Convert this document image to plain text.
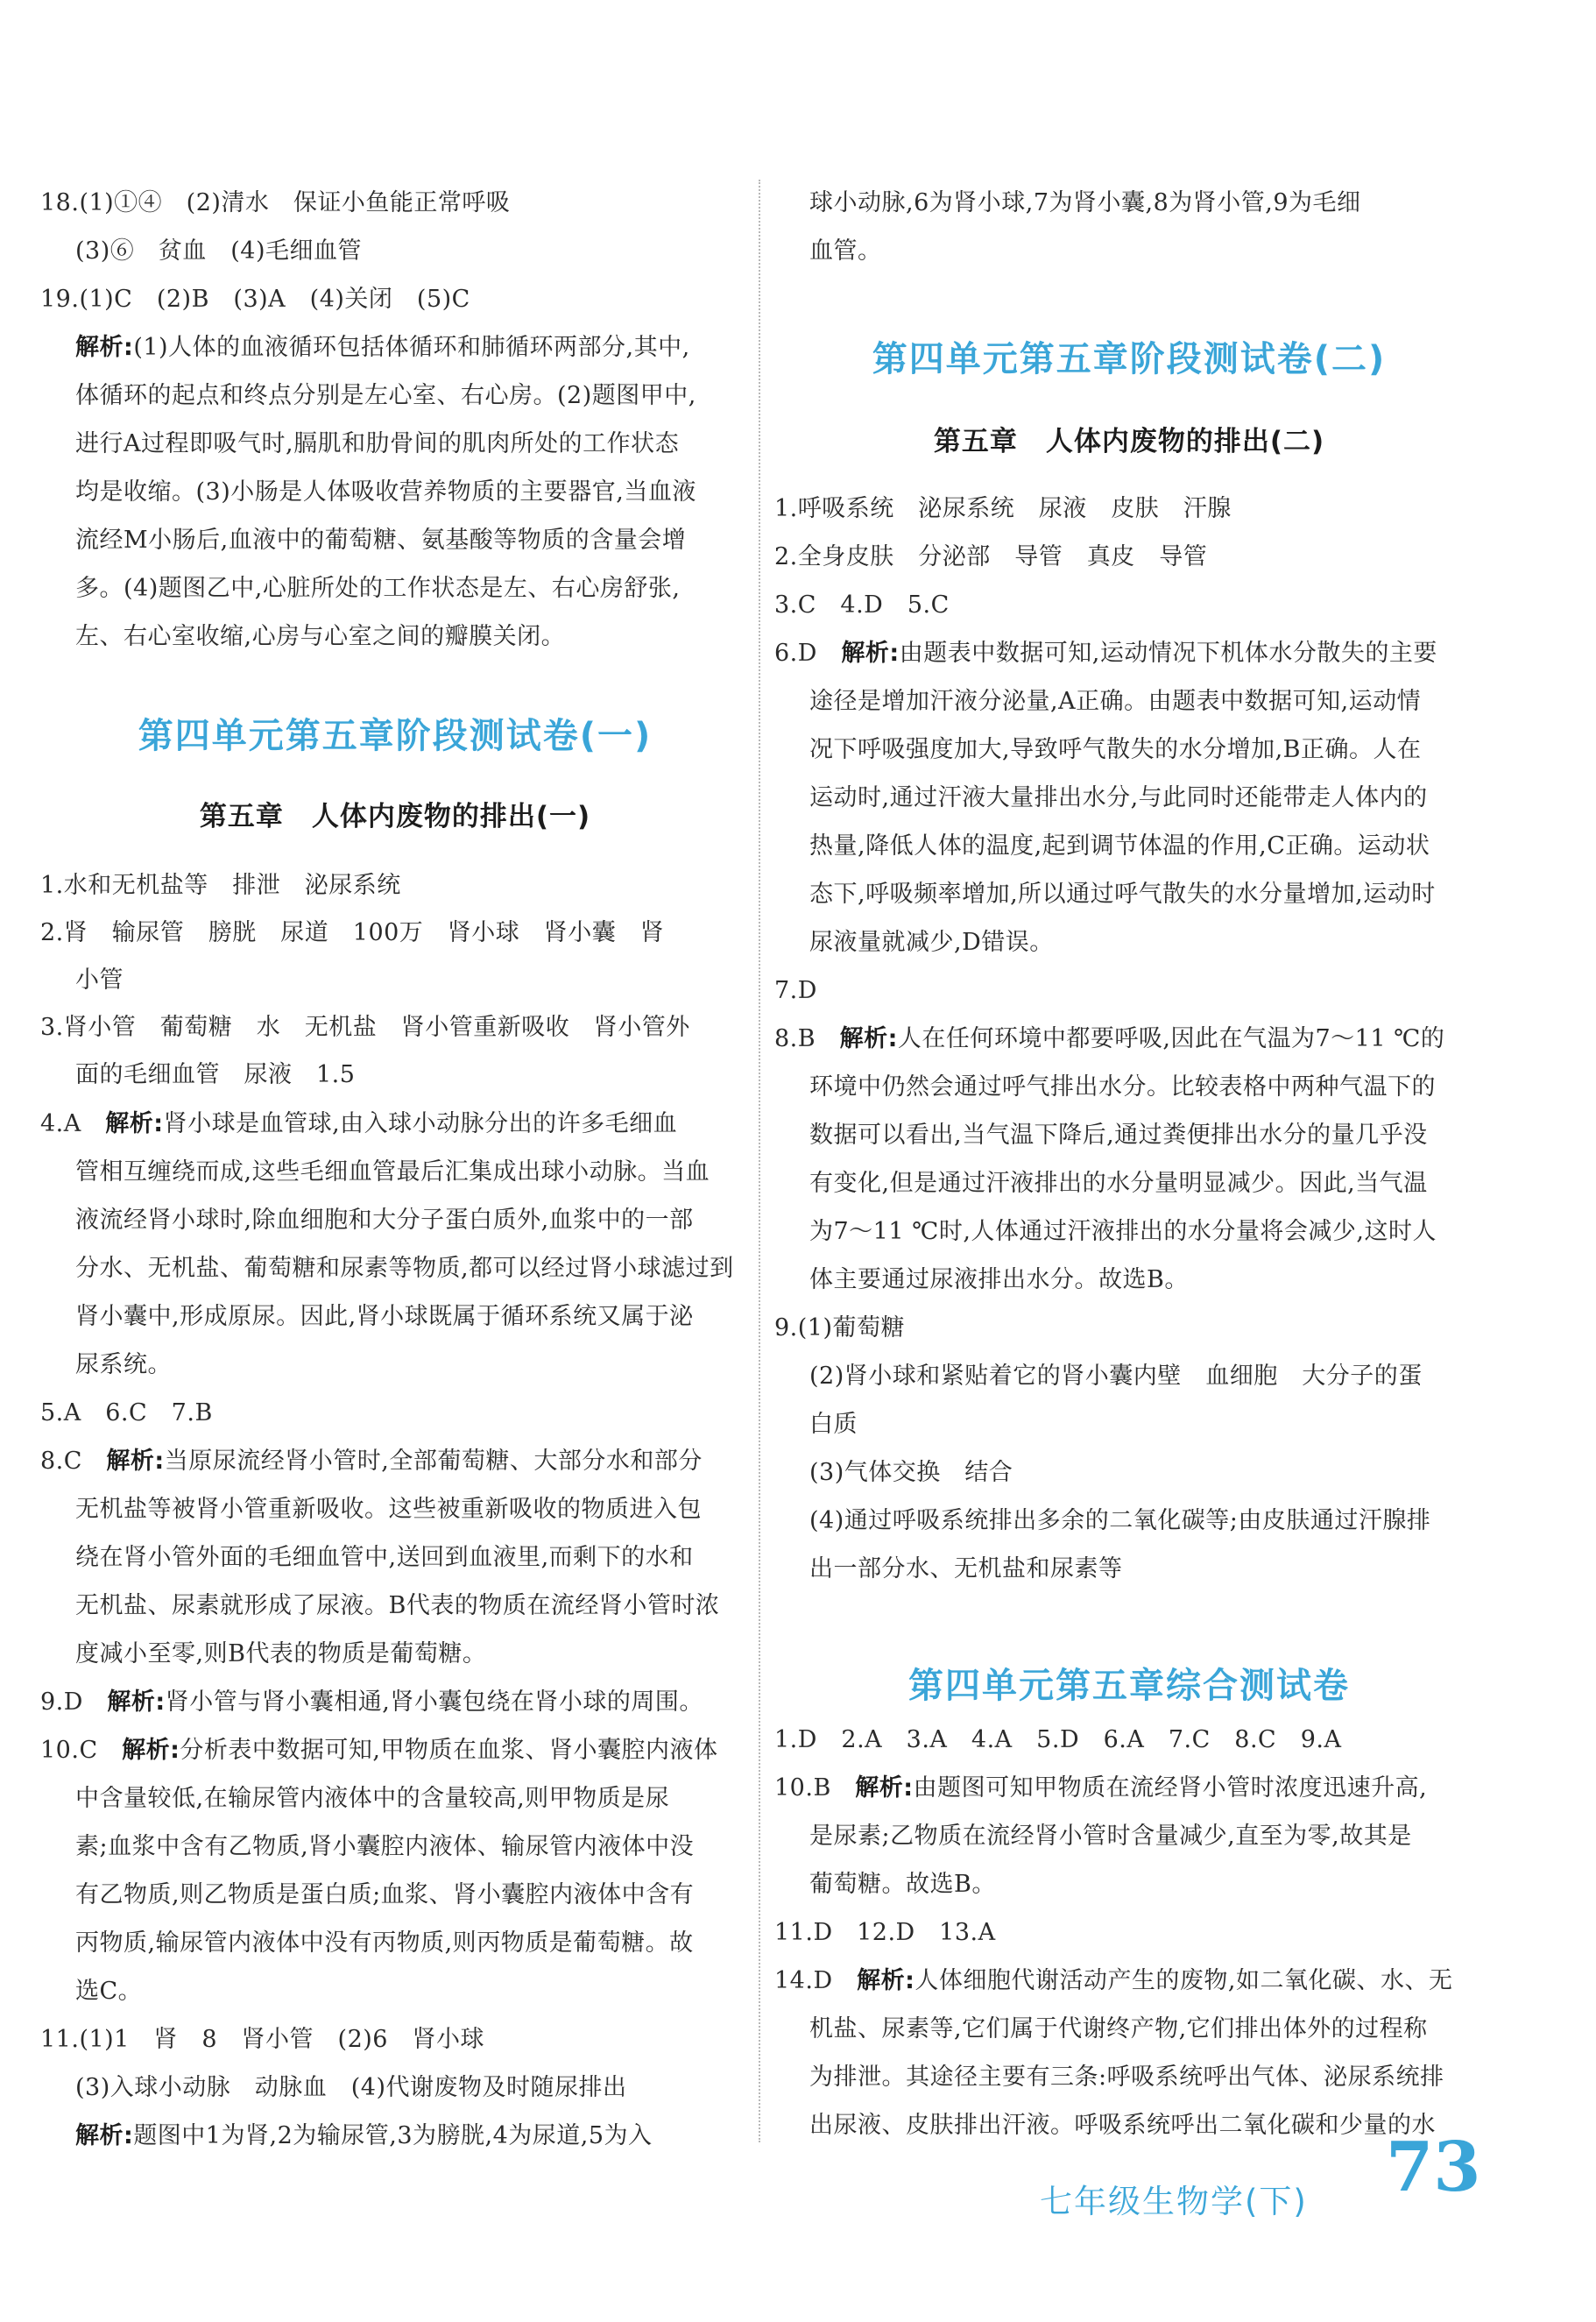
18.(1)①④　(2)清水　保证小鱼能正常呼吸
(3)⑥　贫血　(4)毛细血管
19.(1)C　(2)B　(3)A　(4)关闭　(5)C
解析:(1)人体的血液循环包括体循环和肺循环两部分,其中,
体循环的起点和终点分别是左心室、右心房。(2)题图甲中,
进行A过程即吸气时,膈肌和肋骨间的肌肉所处的工作状态
均是收缩。(3)小肠是人体吸收营养物质的主要器官,当血液
流经M小肠后,血液中的葡萄糖、氨基酸等物质的含量会增
多。(4)题图乙中,心脏所处的工作状态是左、右心房舒张,
左、右心室收缩,心房与心室之间的瓣膜关闭。
第四单元第五章阶段测试卷(一)
第五章　人体内废物的排出(一)
1.水和无机盐等　排泄　泌尿系统
2.肾　输尿管　膀胱　尿道　100万　肾小球　肾小囊　肾
小管
3.肾小管　葡萄糖　水　无机盐　肾小管重新吸收　肾小管外
面的毛细血管　尿液　1.5
4.A　解析:肾小球是血管球,由入球小动脉分出的许多毛细血
管相互缠绕而成,这些毛细血管最后汇集成出球小动脉。当血
液流经肾小球时,除血细胞和大分子蛋白质外,血浆中的一部
分水、无机盐、葡萄糖和尿素等物质,都可以经过肾小球滤过到
肾小囊中,形成原尿。因此,肾小球既属于循环系统又属于泌
尿系统。
5.A　6.C　7.B
8.C　解析:当原尿流经肾小管时,全部葡萄糖、大部分水和部分
无机盐等被肾小管重新吸收。这些被重新吸收的物质进入包
绕在肾小管外面的毛细血管中,送回到血液里,而剩下的水和
无机盐、尿素就形成了尿液。B代表的物质在流经肾小管时浓
度减小至零,则B代表的物质是葡萄糖。
9.D　解析:肾小管与肾小囊相通,肾小囊包绕在肾小球的周围。
10.C　解析:分析表中数据可知,甲物质在血浆、肾小囊腔内液体
中含量较低,在输尿管内液体中的含量较高,则甲物质是尿
素;血浆中含有乙物质,肾小囊腔内液体、输尿管内液体中没
有乙物质,则乙物质是蛋白质;血浆、肾小囊腔内液体中含有
丙物质,输尿管内液体中没有丙物质,则丙物质是葡萄糖。故
选C。
11.(1)1　肾　8　肾小管　(2)6　肾小球
(3)入球小动脉　动脉血　(4)代谢废物及时随尿排出
解析:题图中1为肾,2为输尿管,3为膀胱,4为尿道,5为入
球小动脉,6为肾小球,7为肾小囊,8为肾小管,9为毛细
血管。
第四单元第五章阶段测试卷(二)
第五章　人体内废物的排出(二)
1.呼吸系统　泌尿系统　尿液　皮肤　汗腺
2.全身皮肤　分泌部　导管　真皮　导管
3.C　4.D　5.C
6.D　解析:由题表中数据可知,运动情况下机体水分散失的主要
途径是增加汗液分泌量,A正确。由题表中数据可知,运动情
况下呼吸强度加大,导致呼气散失的水分增加,B正确。人在
运动时,通过汗液大量排出水分,与此同时还能带走人体内的
热量,降低人体的温度,起到调节体温的作用,C正确。运动状
态下,呼吸频率增加,所以通过呼气散失的水分量增加,运动时
尿液量就减少,D错误。
7.D
8.B　解析:人在任何环境中都要呼吸,因此在气温为7～11 ℃的
环境中仍然会通过呼气排出水分。比较表格中两种气温下的
数据可以看出,当气温下降后,通过粪便排出水分的量几乎没
有变化,但是通过汗液排出的水分量明显减少。因此,当气温
为7～11 ℃时,人体通过汗液排出的水分量将会减少,这时人
体主要通过尿液排出水分。故选B。
9.(1)葡萄糖
(2)肾小球和紧贴着它的肾小囊内壁　血细胞　大分子的蛋
白质
(3)气体交换　结合
(4)通过呼吸系统排出多余的二氧化碳等;由皮肤通过汗腺排
出一部分水、无机盐和尿素等
第四单元第五章综合测试卷
1.D　2.A　3.A　4.A　5.D　6.A　7.C　8.C　9.A
10.B　解析:由题图可知甲物质在流经肾小管时浓度迅速升高,
是尿素;乙物质在流经肾小管时含量减少,直至为零,故其是
葡萄糖。故选B。
11.D　12.D　13.A
14.D　解析:人体细胞代谢活动产生的废物,如二氧化碳、水、无
机盐、尿素等,它们属于代谢终产物,它们排出体外的过程称
为排泄。其途径主要有三条:呼吸系统呼出气体、泌尿系统排
出尿液、皮肤排出汗液。呼吸系统呼出二氧化碳和少量的水
七年级生物学(下) 73
